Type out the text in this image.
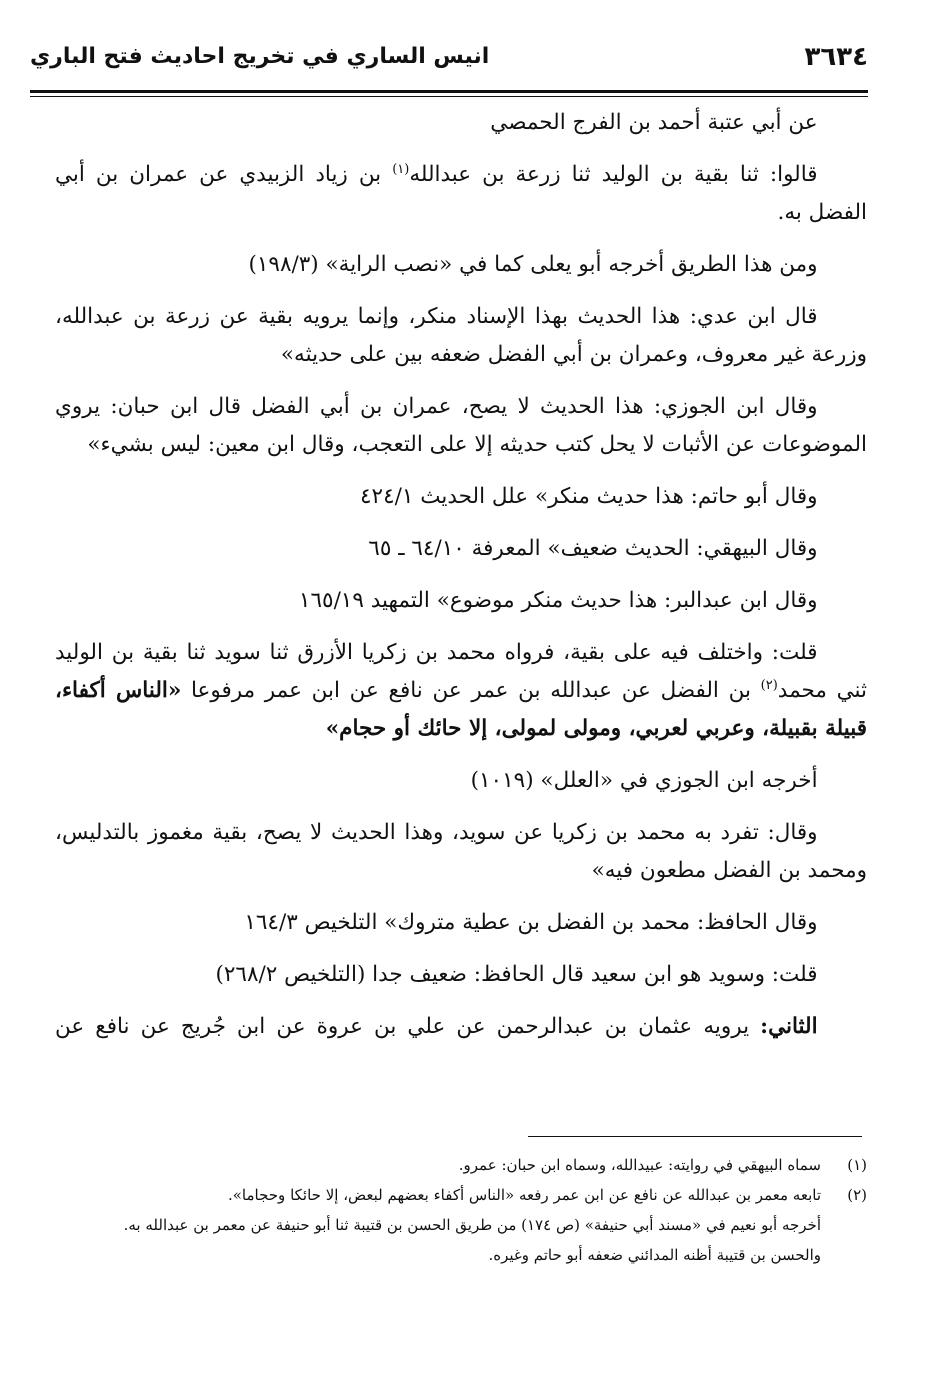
٣٦٣٤
انيس الساري في تخريج احاديث فتح الباري

عن أبي عتبة أحمد بن الفرج الحمصي

قالوا: ثنا بقية بن الوليد ثنا زرعة بن عبدالله$^{(١)}$ بن زياد الزبيدي عن عمران بن أبي الفضل به.

ومن هذا الطريق أخرجه أبو يعلى كما في «نصب الراية» (١٩٨/٣)

قال ابن عدي: هذا الحديث بهذا الإسناد منكر، وإنما يرويه بقية عن زرعة بن عبدالله، وزرعة غير معروف، وعمران بن أبي الفضل ضعفه بين على حديثه»

وقال ابن الجوزي: هذا الحديث لا يصح، عمران بن أبي الفضل قال ابن حبان: يروي الموضوعات عن الأثبات لا يحل كتب حديثه إلا على التعجب، وقال ابن معين: ليس بشيء»

وقال أبو حاتم: هذا حديث منكر» علل الحديث ٤٢٤/١

وقال البيهقي: الحديث ضعيف» المعرفة ٦٤/١٠ ـ ٦٥

وقال ابن عبدالبر: هذا حديث منكر موضوع» التمهيد ١٦٥/١٩

قلت: واختلف فيه على بقية، فرواه محمد بن زكريا الأزرق ثنا سويد ثنا بقية بن الوليد ثني محمد$^{(٢)}$ بن الفضل عن عبدالله بن عمر عن نافع عن ابن عمر مرفوعا «الناس أكفاء، قبيلة بقبيلة، وعربي لعربي، ومولى لمولى، إلا حائك أو حجام»

أخرجه ابن الجوزي في «العلل» (١٠١٩)

وقال: تفرد به محمد بن زكريا عن سويد، وهذا الحديث لا يصح، بقية مغموز بالتدليس، ومحمد بن الفضل مطعون فيه»

وقال الحافظ: محمد بن الفضل بن عطية متروك» التلخيص ١٦٤/٣

قلت: وسويد هو ابن سعيد قال الحافظ: ضعيف جدا (التلخيص ٢٦٨/٢)

الثاني: يرويه عثمان بن عبدالرحمن عن علي بن عروة عن ابن جُريج عن نافع عن

(١)
سماه البيهقي في روايته: عبيدالله، وسماه ابن حبان: عمرو.
(٢)
تابعه معمر بن عبدالله عن نافع عن ابن عمر رفعه «الناس أكفاء بعضهم لبعض، إلا حائكا وحجاما».
أخرجه أبو نعيم في «مسند أبي حنيفة» (ص ١٧٤) من طريق الحسن بن قتيبة ثنا أبو حنيفة عن معمر بن عبدالله به.
والحسن بن قتيبة أظنه المدائني ضعفه أبو حاتم وغيره.
